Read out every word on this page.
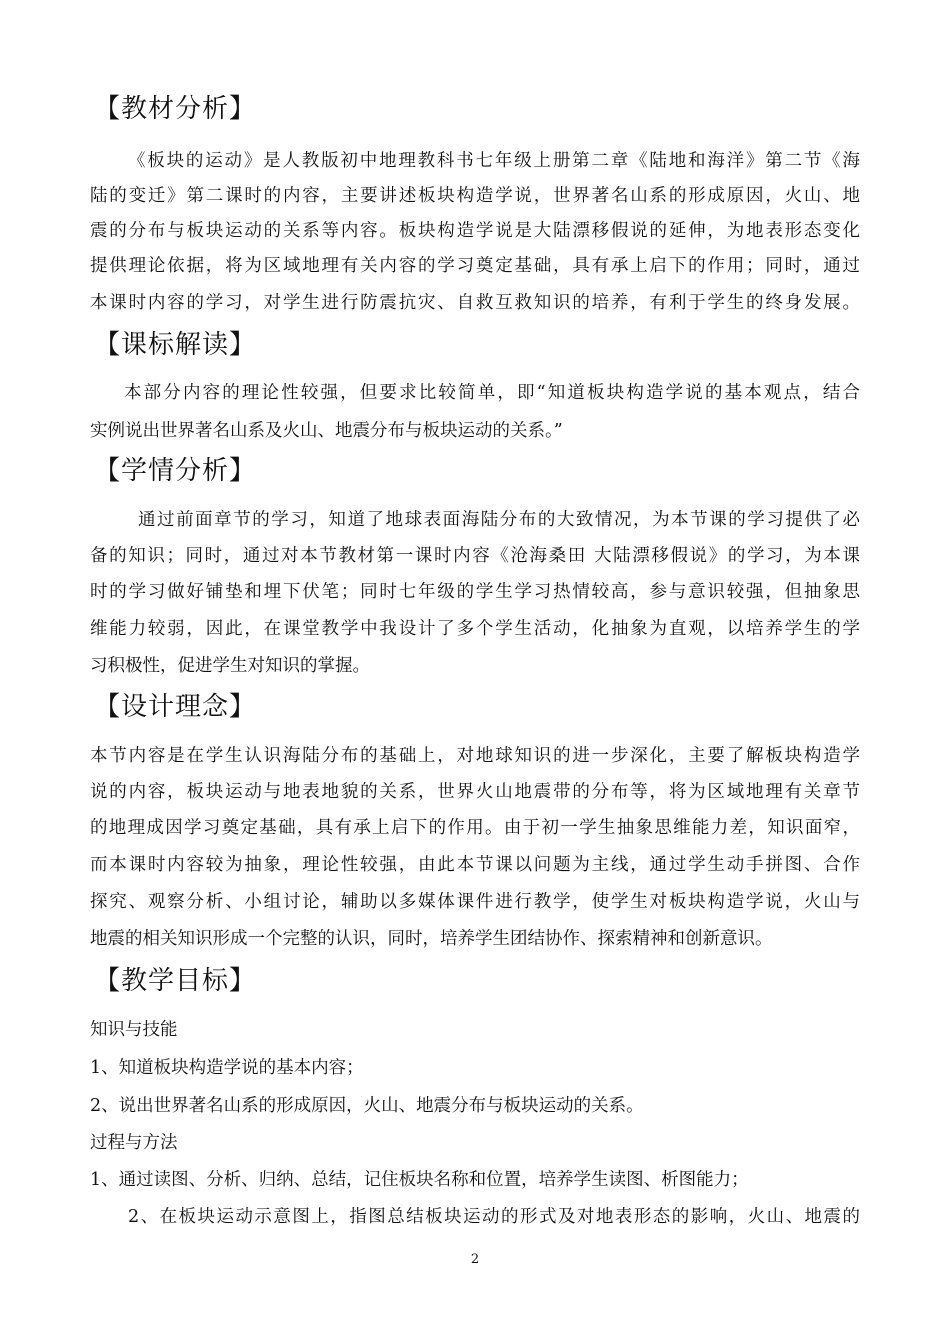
【教材分析】
《板块的运动》是人教版初中地理教科书七年级上册第二章《陆地和海洋》第二节《海
陆的变迁》第二课时的内容，主要讲述板块构造学说，世界著名山系的形成原因，火山、地
震的分布与板块运动的关系等内容。板块构造学说是大陆漂移假说的延伸，为地表形态变化
提供理论依据，将为区域地理有关内容的学习奠定基础，具有承上启下的作用；同时，通过
本课时内容的学习，对学生进行防震抗灾、自救互救知识的培养，有利于学生的终身发展。
【课标解读】
本部分内容的理论性较强，但要求比较简单，即“知道板块构造学说的基本观点，结合
实例说出世界著名山系及火山、地震分布与板块运动的关系。”
【学情分析】
通过前面章节的学习，知道了地球表面海陆分布的大致情况，为本节课的学习提供了必
备的知识；同时，通过对本节教材第一课时内容《沧海桑田 大陆漂移假说》的学习，为本课
时的学习做好铺垫和埋下伏笔；同时七年级的学生学习热情较高，参与意识较强，但抽象思
维能力较弱，因此，在课堂教学中我设计了多个学生活动，化抽象为直观，以培养学生的学
习积极性，促进学生对知识的掌握。
【设计理念】
本节内容是在学生认识海陆分布的基础上，对地球知识的进一步深化，主要了解板块构造学
说的内容，板块运动与地表地貌的关系，世界火山地震带的分布等，将为区域地理有关章节
的地理成因学习奠定基础，具有承上启下的作用。由于初一学生抽象思维能力差，知识面窄，
而本课时内容较为抽象，理论性较强，由此本节课以问题为主线，通过学生动手拼图、合作
探究、观察分析、小组讨论，辅助以多媒体课件进行教学，使学生对板块构造学说，火山与
地震的相关知识形成一个完整的认识，同时，培养学生团结协作、探索精神和创新意识。
【教学目标】
知识与技能
1、知道板块构造学说的基本内容；
2、说出世界著名山系的形成原因，火山、地震分布与板块运动的关系。
过程与方法
1、通过读图、分析、归纳、总结，记住板块名称和位置，培养学生读图、析图能力；
2、在板块运动示意图上，指图总结板块运动的形式及对地表形态的影响，火山、地震的
2
